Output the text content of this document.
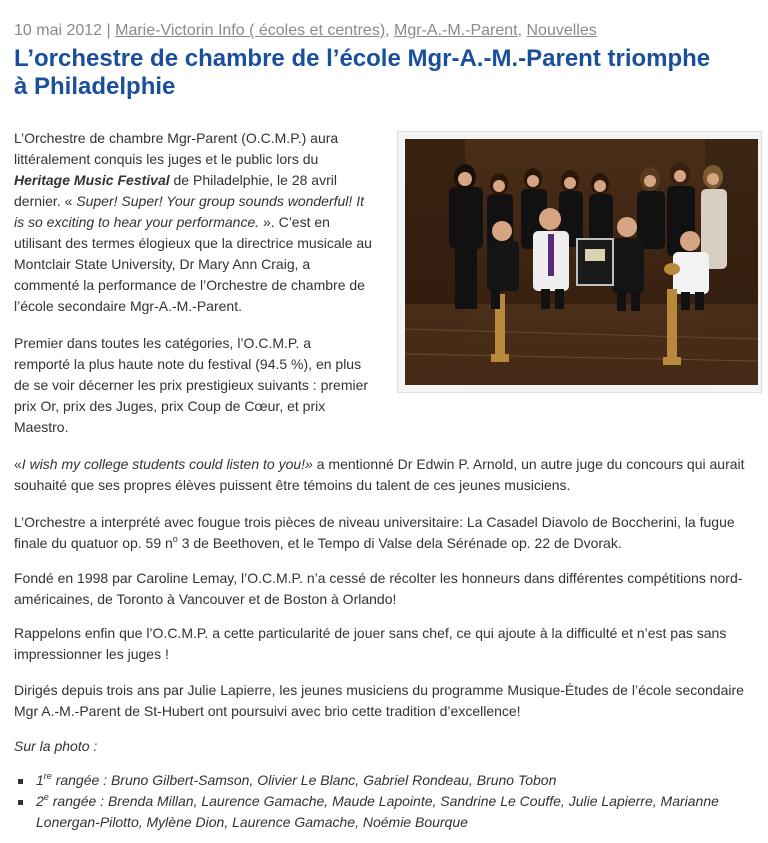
10 mai 2012 | Marie-Victorin Info ( écoles et centres), Mgr-A.-M.-Parent, Nouvelles
L’orchestre de chambre de l’école Mgr-A.-M.-Parent triomphe à Philadelphie

L’Orchestre de chambre Mgr-Parent (O.C.M.P.) aura littéralement conquis les juges et le public lors du Heritage Music Festival de Philadelphie, le 28 avril dernier. « Super! Super! Your group sounds wonderful! It is so exciting to hear your performance. ». C’est en utilisant des termes élogieux que la directrice musicale au Montclair State University, Dr Mary Ann Craig, a commenté la performance de l’Orchestre de chambre de l’école secondaire Mgr-A.-M.-Parent.

Premier dans toutes les catégories, l’O.C.M.P. a remporté la plus haute note du festival (94.5 %), en plus de se voir décerner les prix prestigieux suivants : premier prix Or, prix des Juges, prix Coup de Cœur, et prix Maestro.

«I wish my college students could listen to you!» a mentionné Dr Edwin P. Arnold, un autre juge du concours qui aurait souhaité que ses propres élèves puissent être témoins du talent de ces jeunes musiciens.

L’Orchestre a interprété avec fougue trois pièces de niveau universitaire: La Casadel Diavolo de Boccherini, la fugue finale du quatuor op. 59 $n^o$ 3 de Beethoven, et le Tempo di Valse dela Sérénade op. 22 de Dvorak.

Fondé en 1998 par Caroline Lemay, l’O.C.M.P. n’a cessé de récolter les honneurs dans différentes compétitions nord-américaines, de Toronto à Vancouver et de Boston à Orlando!

Rappelons enfin que l’O.C.M.P. a cette particularité de jouer sans chef, ce qui ajoute à la difficulté et n’est pas sans impressionner les juges !

Dirigés depuis trois ans par Julie Lapierre, les jeunes musiciens du programme Musique-Études de l’école secondaire Mgr A.-M.-Parent de St-Hubert ont poursuivi avec brio cette tradition d’excellence!

Sur la photo :

1re rangée : Bruno Gilbert-Samson, Olivier Le Blanc, Gabriel Rondeau, Bruno Tobon
2e rangée : Brenda Millan, Laurence Gamache, Maude Lapointe, Sandrine Le Couffe, Julie Lapierre, Marianne Lonergan-Pilotto, Mylène Dion, Laurence Gamache, Noémie Bourque
